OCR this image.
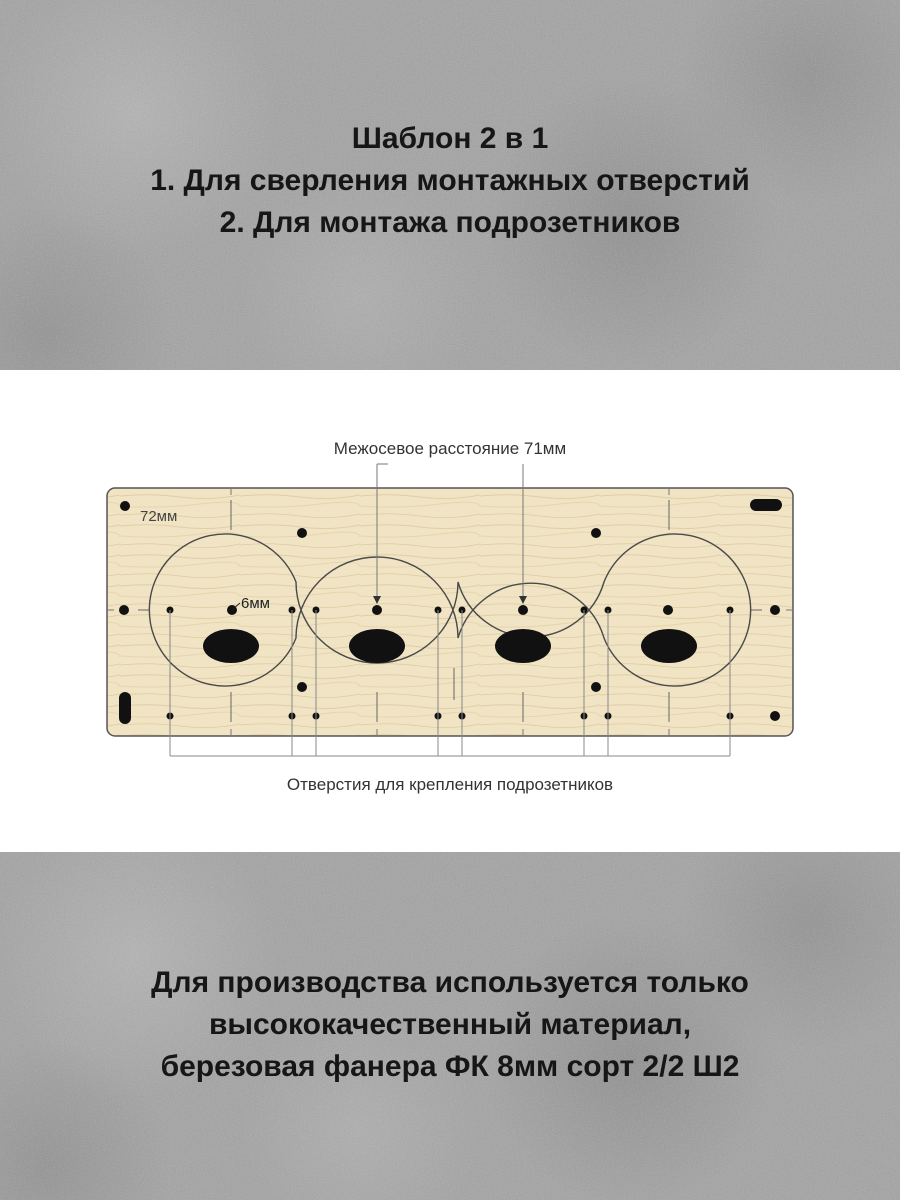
Шаблон 2 в 1
1. Для сверления монтажных отверстий
2. Для монтажа подрозетников
Межосевое расстояние 71мм
72мм
6мм
Отверстия для крепления подрозетников
Для производства используется только
высококачественный материал,
березовая фанера ФК 8мм сорт 2/2 Ш2
